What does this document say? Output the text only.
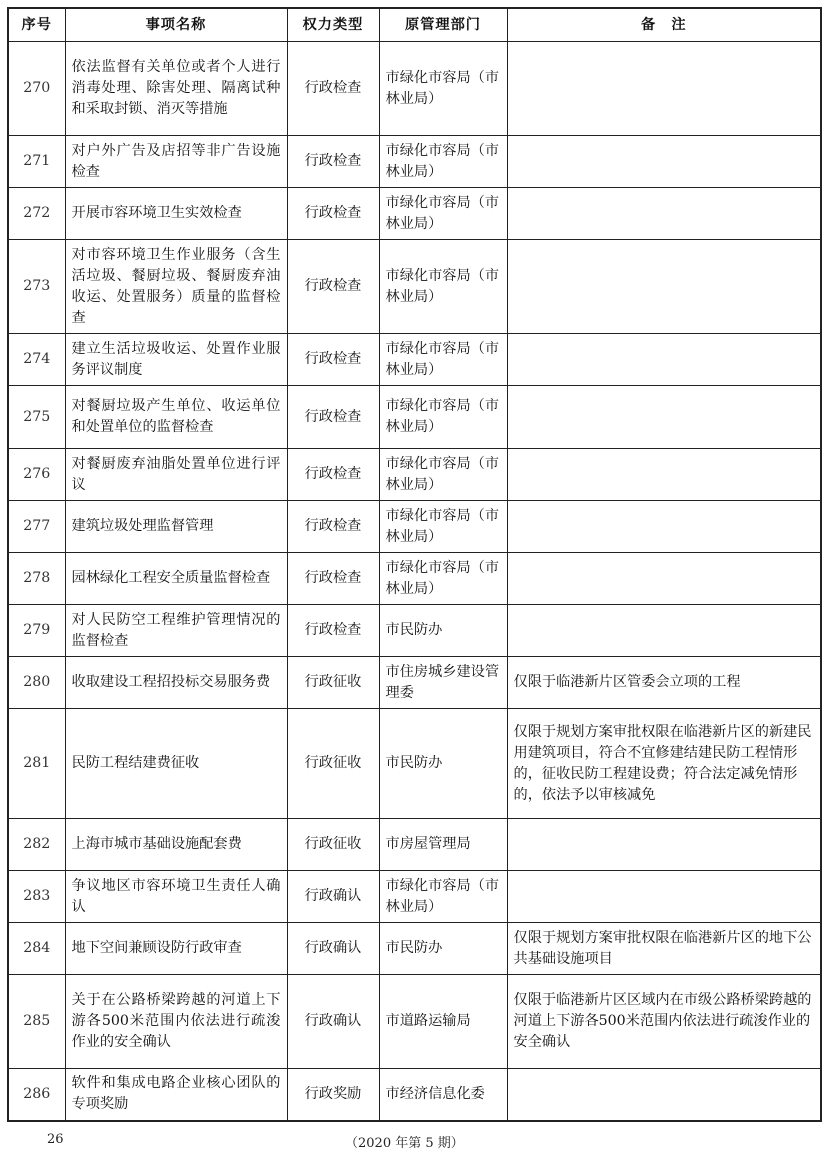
序号	事项名称	权力类型	原管理部门	备　注
270	依法监督有关单位或者个人进行消毒处理、除害处理、隔离试种和采取封锁、消灭等措施	行政检查	市绿化市容局（市林业局）	
271	对户外广告及店招等非广告设施检查	行政检查	市绿化市容局（市林业局）	
272	开展市容环境卫生实效检查	行政检查	市绿化市容局（市林业局）	
273	对市容环境卫生作业服务（含生活垃圾、餐厨垃圾、餐厨废弃油收运、处置服务）质量的监督检查	行政检查	市绿化市容局（市林业局）	
274	建立生活垃圾收运、处置作业服务评议制度	行政检查	市绿化市容局（市林业局）	
275	对餐厨垃圾产生单位、收运单位和处置单位的监督检查	行政检查	市绿化市容局（市林业局）	
276	对餐厨废弃油脂处置单位进行评议	行政检查	市绿化市容局（市林业局）	
277	建筑垃圾处理监督管理	行政检查	市绿化市容局（市林业局）	
278	园林绿化工程安全质量监督检查	行政检查	市绿化市容局（市林业局）	
279	对人民防空工程维护管理情况的监督检查	行政检查	市民防办	
280	收取建设工程招投标交易服务费	行政征收	市住房城乡建设管理委	仅限于临港新片区管委会立项的工程
281	民防工程结建费征收	行政征收	市民防办	仅限于规划方案审批权限在临港新片区的新建民用建筑项目，符合不宜修建结建民防工程情形的，征收民防工程建设费；符合法定减免情形的，依法予以审核减免
282	上海市城市基础设施配套费	行政征收	市房屋管理局	
283	争议地区市容环境卫生责任人确认	行政确认	市绿化市容局（市林业局）	
284	地下空间兼顾设防行政审查	行政确认	市民防办	仅限于规划方案审批权限在临港新片区的地下公共基础设施项目
285	关于在公路桥梁跨越的河道上下游各500米范围内依法进行疏浚作业的安全确认	行政确认	市道路运输局	仅限于临港新片区区域内在市级公路桥梁跨越的河道上下游各500米范围内依法进行疏浚作业的安全确认
286	软件和集成电路企业核心团队的专项奖励	行政奖励	市经济信息化委	
26	（2020 年第 5 期）
